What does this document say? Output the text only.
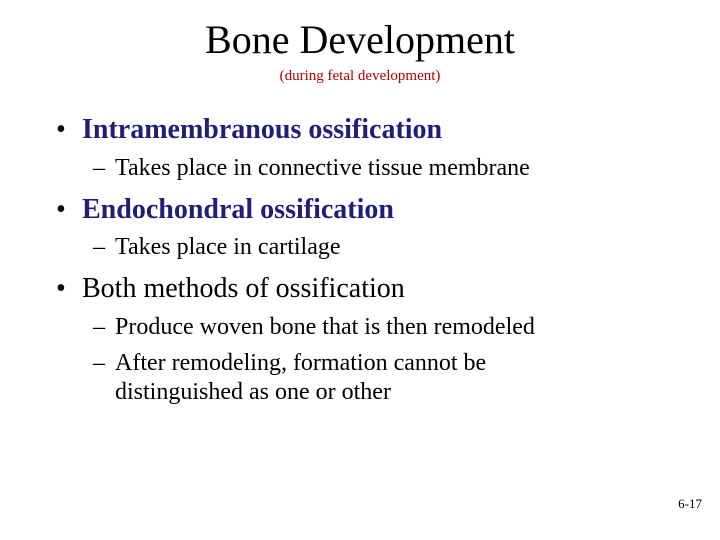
Bone Development
(during fetal development)
• Intramembranous ossification
– Takes place in connective tissue membrane
• Endochondral ossification
– Takes place in cartilage
• Both methods of ossification
– Produce woven bone that is then remodeled
– After remodeling, formation cannot be distinguished as one or other
6-17
